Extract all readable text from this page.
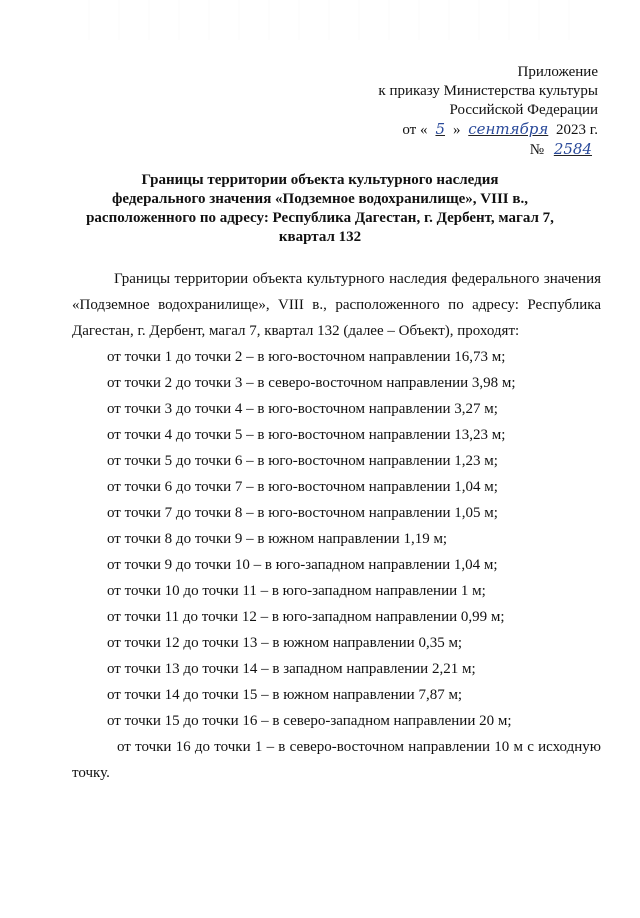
Приложение
к приказу Министерства культуры
Российской Федерации
от « 5 » сентября 2023 г.
№ 2584
Границы территории объекта культурного наследия
федерального значения «Подземное водохранилище», VIII в.,
расположенного по адресу: Республика Дагестан, г. Дербент, магал 7,
квартал 132

Границы территории объекта культурного наследия федерального значения «Подземное водохранилище», VIII в., расположенного по адресу: Республика Дагестан, г. Дербент, магал 7, квартал 132 (далее – Объект), проходят:

от точки 1 до точки 2 – в юго-восточном направлении 16,73 м;

от точки 2 до точки 3 – в северо-восточном направлении 3,98 м;

от точки 3 до точки 4 – в юго-восточном направлении 3,27 м;

от точки 4 до точки 5 – в юго-восточном направлении 13,23 м;

от точки 5 до точки 6 – в юго-восточном направлении 1,23 м;

от точки 6 до точки 7 – в юго-восточном направлении 1,04 м;

от точки 7 до точки 8 – в юго-восточном направлении 1,05 м;

от точки 8 до точки 9 – в южном направлении 1,19 м;

от точки 9 до точки 10 – в юго-западном направлении 1,04 м;

от точки 10 до точки 11 – в юго-западном направлении 1 м;

от точки 11 до точки 12 – в юго-западном направлении 0,99 м;

от точки 12 до точки 13 – в южном направлении 0,35 м;

от точки 13 до точки 14 – в западном направлении 2,21 м;

от точки 14 до точки 15 – в южном направлении 7,87 м;

от точки 15 до точки 16 – в северо-западном направлении 20 м;

от точки 16 до точки 1 – в северо-восточном направлении 10 м с исходную точку.
